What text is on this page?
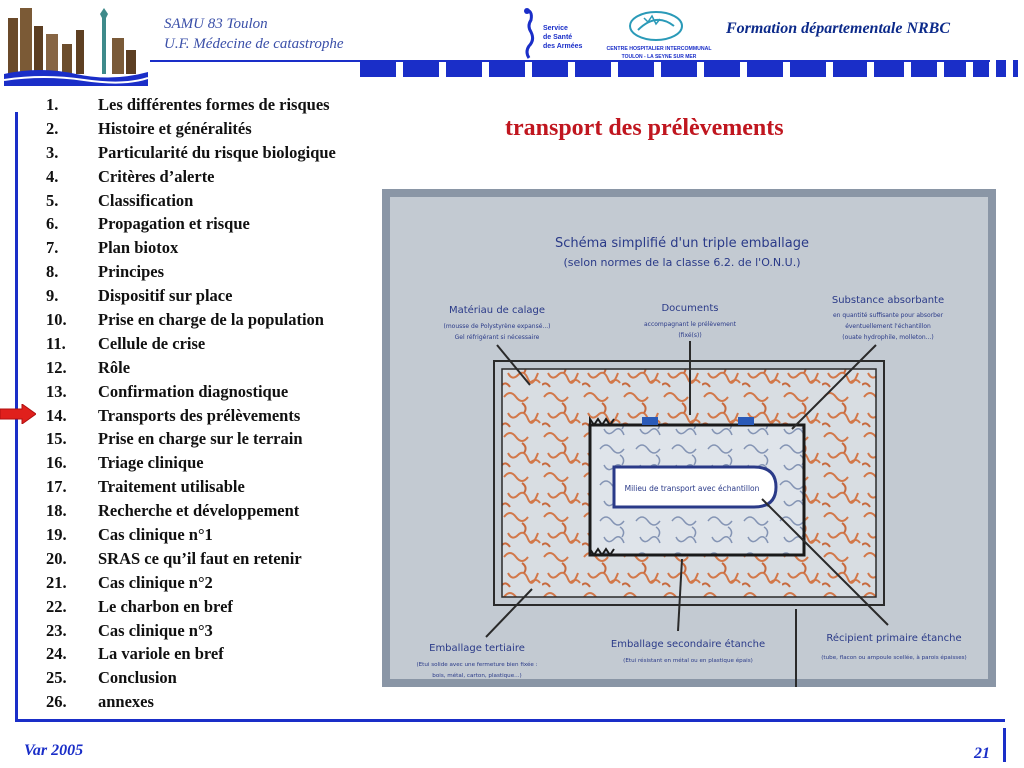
SAMU 83 Toulon
U.F. Médecine de catastrophe
Service
de Santé
des Armées	CENTRE HOSPITALIER INTERCOMMUNAL
TOULON - LA SEYNE SUR MER
Formation départementale NRBC
1.	Les différentes formes de risques
2.	Histoire et généralités
3.	Particularité du risque biologique
4.	Critères d’alerte
5.	Classification
6.	Propagation et risque
7.	Plan biotox
8.	Principes
9.	Dispositif sur place
10.	Prise en charge de la population
11.	Cellule de crise
12.	Rôle
13.	Confirmation diagnostique
14.	Transports des prélèvements
15.	Prise en charge sur le terrain
16.	Triage clinique
17.	Traitement utilisable
18.	Recherche et développement
19.	Cas clinique n°1
20.	SRAS ce qu’il faut en retenir
21.	Cas clinique n°2
22.	Le charbon en bref
23.	Cas clinique n°3
24.	La variole en bref
25.	Conclusion
26.	annexes
transport des prélèvements
Schéma simplifié d'un triple emballage
(selon normes de la classe 6.2. de l'O.N.U.)
Matériau de calage
(mousse de Polystyrène expansé...)
Gel réfrigérant si nécessaire
Documents
accompagnant le prélèvement
(fixé(s))
Substance absorbante
en quantité suffisante pour absorber
éventuellement l'échantillon
(ouate hydrophile, molleton...)
Milieu de transport avec échantillon
Emballage tertiaire
(Etui solide avec une fermeture bien fixée :
bois, métal, carton, plastique...)
Emballage secondaire étanche
(Etui résistant en métal ou en plastique épais)
Récipient primaire étanche
(tube, flacon ou ampoule scellée, à parois épaisses)
Var 2005	21
